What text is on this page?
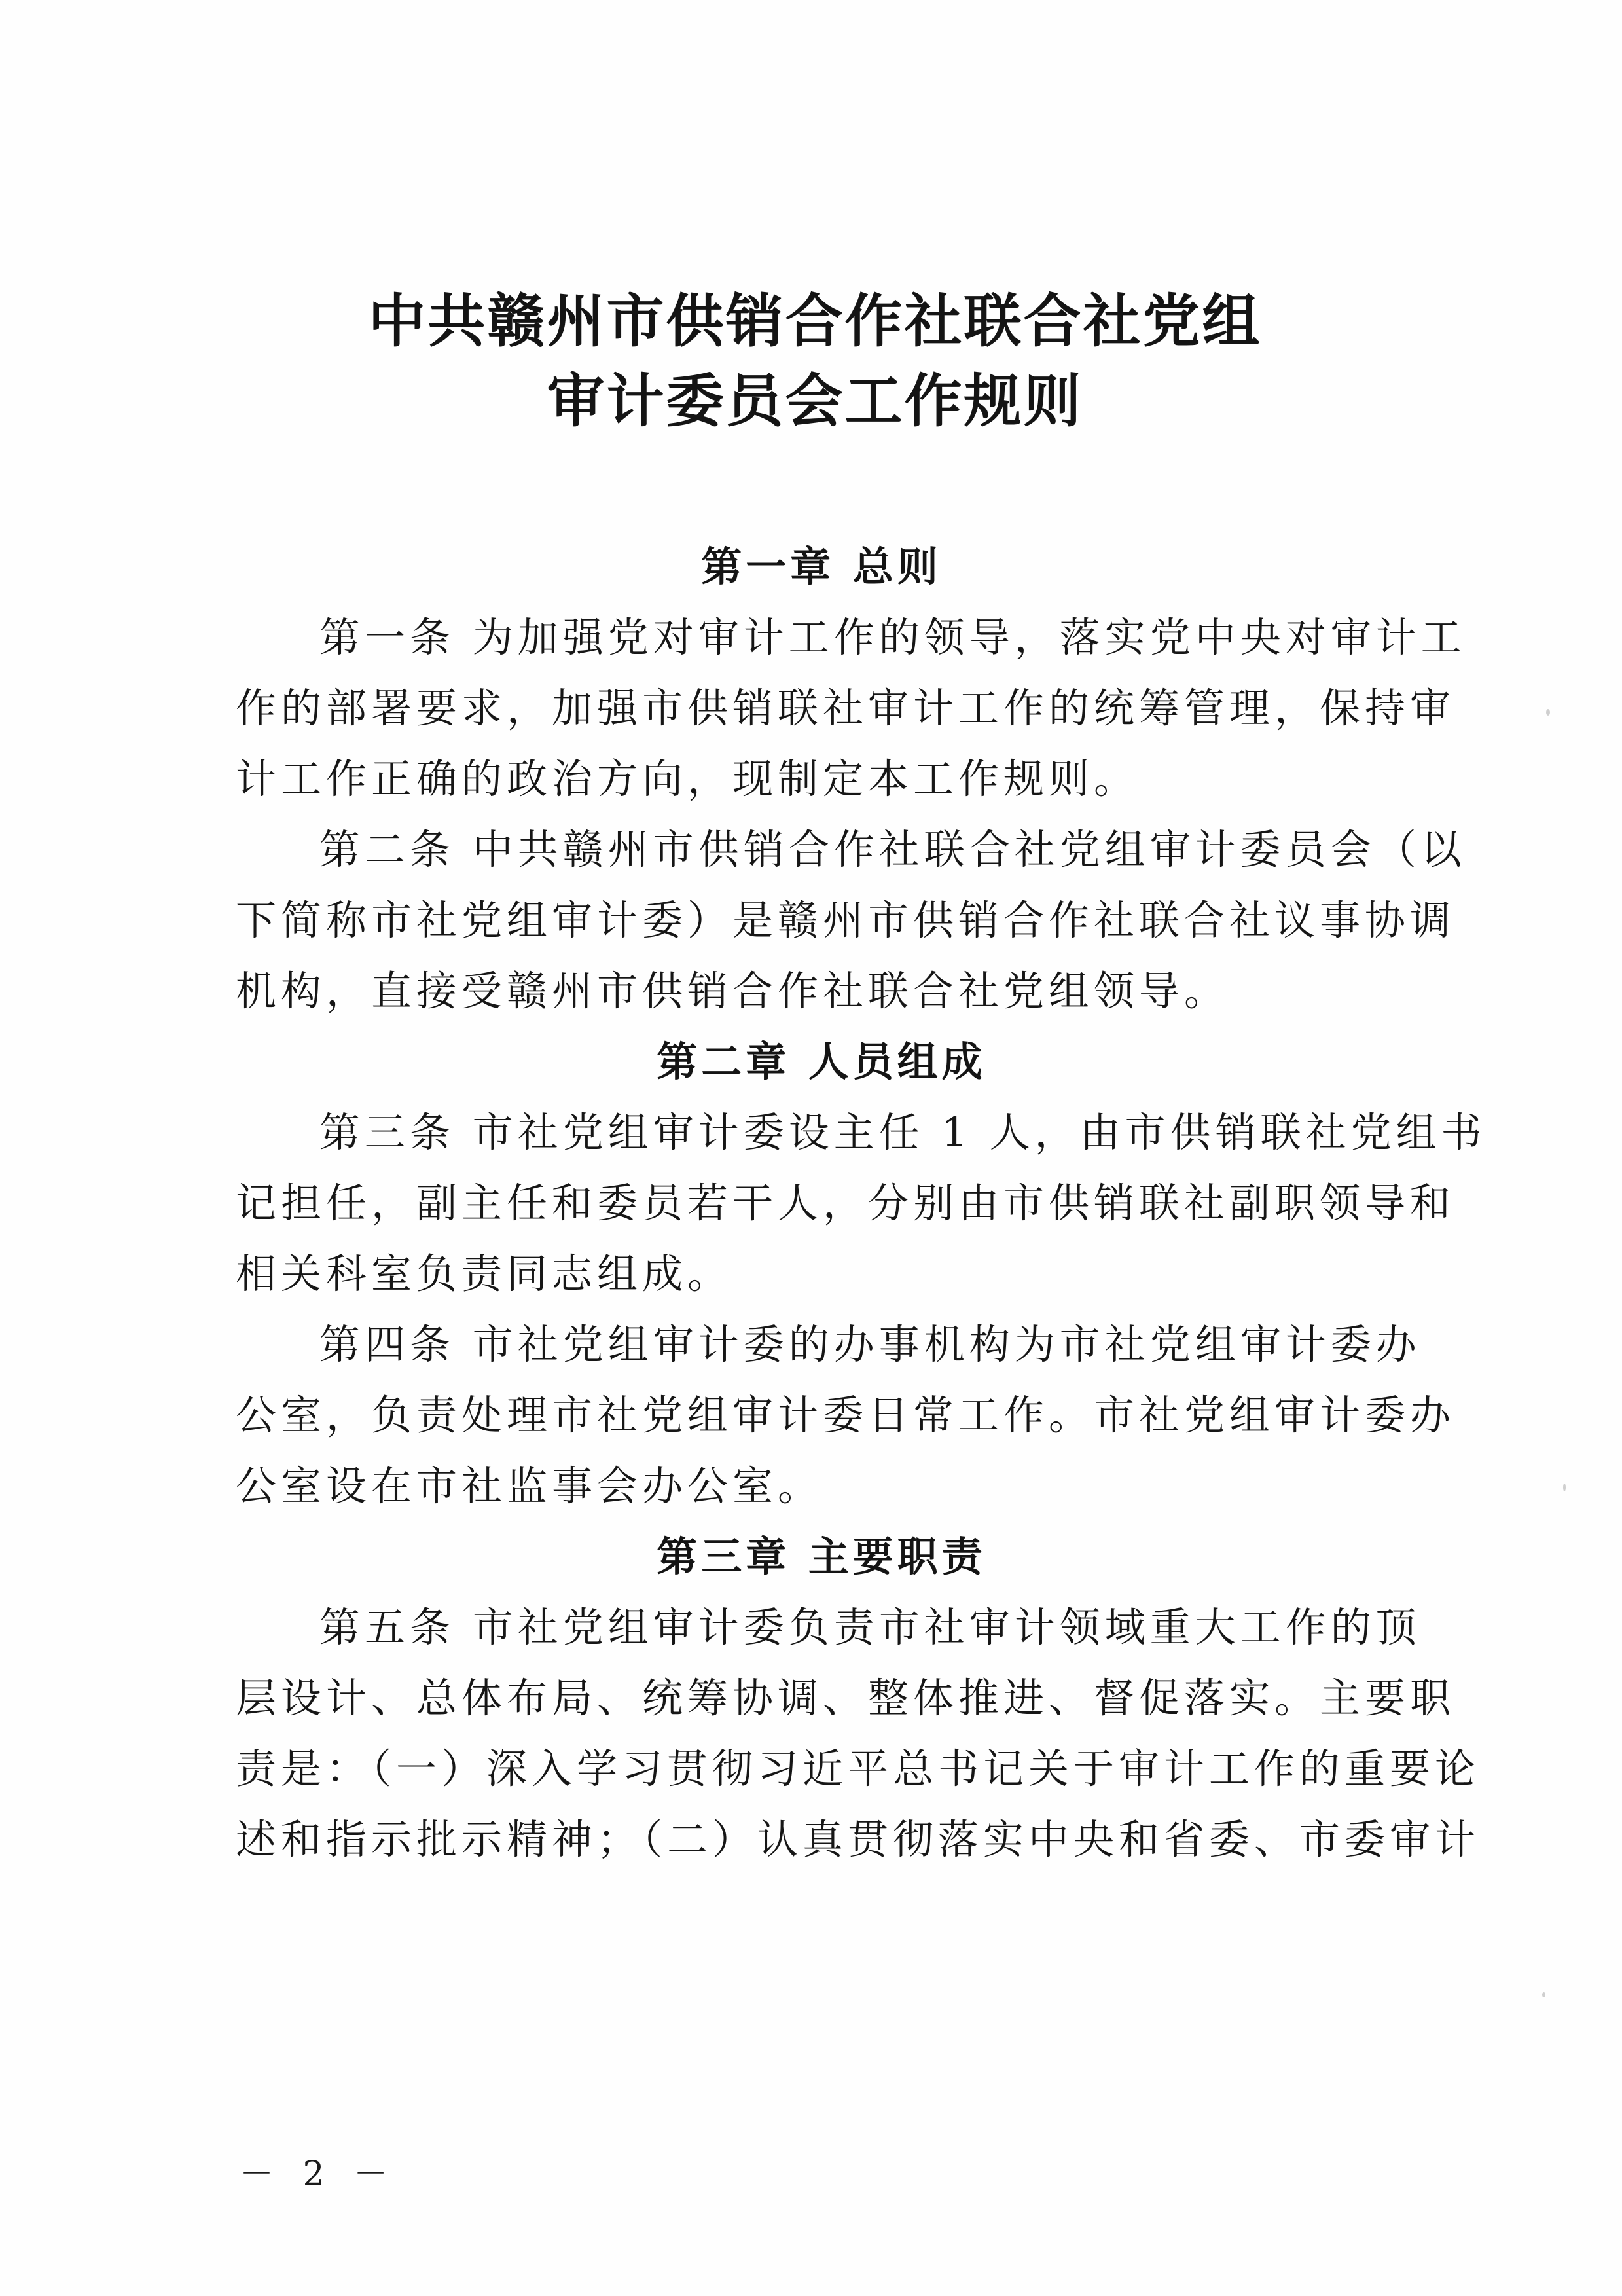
中共赣州市供销合作社联合社党组
审计委员会工作规则
第一章 总则

第一条 为加强党对审计工作的领导，落实党中央对审计工
作的部署要求，加强市供销联社审计工作的统筹管理，保持审
计工作正确的政治方向，现制定本工作规则。

第二条 中共赣州市供销合作社联合社党组审计委员会（以
下简称市社党组审计委）是赣州市供销合作社联合社议事协调
机构，直接受赣州市供销合作社联合社党组领导。

第二章 人员组成

第三条 市社党组审计委设主任 1 人，由市供销联社党组书
记担任，副主任和委员若干人，分别由市供销联社副职领导和
相关科室负责同志组成。

第四条 市社党组审计委的办事机构为市社党组审计委办
公室，负责处理市社党组审计委日常工作。市社党组审计委办
公室设在市社监事会办公室。

第三章 主要职责

第五条 市社党组审计委负责市社审计领域重大工作的顶
层设计、总体布局、统筹协调、整体推进、督促落实。主要职
责是：（一）深入学习贯彻习近平总书记关于审计工作的重要论
述和指示批示精神；（二）认真贯彻落实中央和省委、市委审计

－ 2 －
